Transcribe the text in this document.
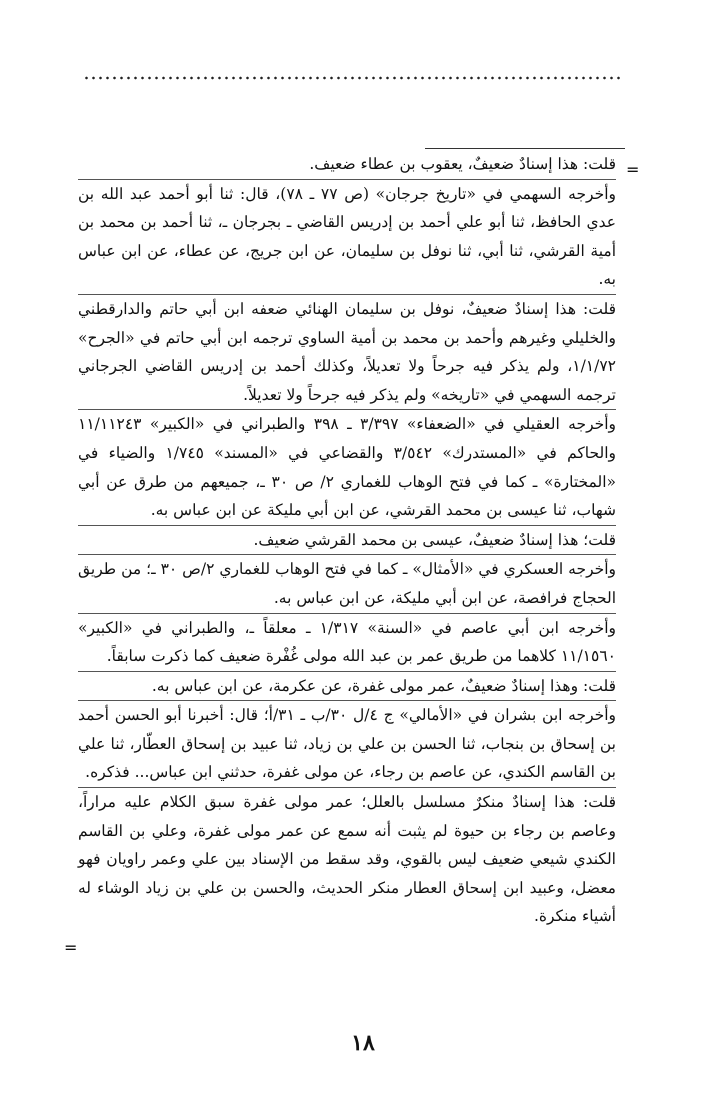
=

قلت: هذا إسنادٌ ضعيفٌ، يعقوب بن عطاء ضعيف.

وأخرجه السهمي في «تاريخ جرجان» (ص ٧٧ ـ ٧٨)، قال: ثنا أبو أحمد عبد الله بن عدي الحافظ، ثنا أبو علي أحمد بن إدريس القاضي ـ بجرجان ـ، ثنا أحمد بن محمد بن أمية القرشي، ثنا أبي، ثنا نوفل بن سليمان، عن ابن جريج، عن عطاء، عن ابن عباس به.

قلت: هذا إسنادٌ ضعيفٌ، نوفل بن سليمان الهنائي ضعفه ابن أبي حاتم والدارقطني والخليلي وغيرهم وأحمد بن محمد بن أمية الساوي ترجمه ابن أبي حاتم في «الجرح» ١/١/٧٢، ولم يذكر فيه جرحاً ولا تعديلاً، وكذلك أحمد بن إدريس القاضي الجرجاني ترجمه السهمي في «تاريخه» ولم يذكر فيه جرحاً ولا تعديلاً.

وأخرجه العقيلي في «الضعفاء» ٣/٣٩٧ ـ ٣٩٨ والطبراني في «الكبير» ١١/١١٢٤٣ والحاكم في «المستدرك» ٣/٥٤٢ والقضاعي في «المسند» ١/٧٤٥ والضياء في «المختارة» ـ كما في فتح الوهاب للغماري ٢/ ص ٣٠ ـ، جميعهم من طرق عن أبي شهاب، ثنا عيسى بن محمد القرشي، عن ابن أبي مليكة عن ابن عباس به.

قلت؛ هذا إسنادٌ ضعيفٌ، عيسى بن محمد القرشي ضعيف.

وأخرجه العسكري في «الأمثال» ـ كما في فتح الوهاب للغماري ٢/ص ٣٠ ـ؛ من طريق الحجاج فرافصة، عن ابن أبي مليكة، عن ابن عباس به.

وأخرجه ابن أبي عاصم في «السنة» ١/٣١٧ ـ معلقاً ـ، والطبراني في «الكبير» ١١/١٥٦٠ كلاهما من طريق عمر بن عبد الله مولى غُفْرة ضعيف كما ذكرت سابقاً.

قلت: وهذا إسنادٌ ضعيفٌ، عمر مولى غفرة، عن عكرمة، عن ابن عباس به.

وأخرجه ابن بشران في «الأمالي» ج ٤/ل ٣٠/ب ـ ٣١/أ؛ قال: أخبرنا أبو الحسن أحمد بن إسحاق بن بنجاب، ثنا الحسن بن علي بن زياد، ثنا عبيد بن إسحاق العطّار، ثنا علي بن القاسم الكندي، عن عاصم بن رجاء، عن مولى غفرة، حدثني ابن عباس... فذكره.

قلت: هذا إسنادٌ منكرٌ مسلسل بالعلل؛ عمر مولى غفرة سبق الكلام عليه مراراً، وعاصم بن رجاء بن حيوة لم يثبت أنه سمع عن عمر مولى غفرة، وعلي بن القاسم الكندي شيعي ضعيف ليس بالقوي، وقد سقط من الإسناد بين علي وعمر راويان فهو معضل، وعبيد ابن إسحاق العطار منكر الحديث، والحسن بن علي بن زياد الوشاء له أشياء منكرة.

=
١٨
